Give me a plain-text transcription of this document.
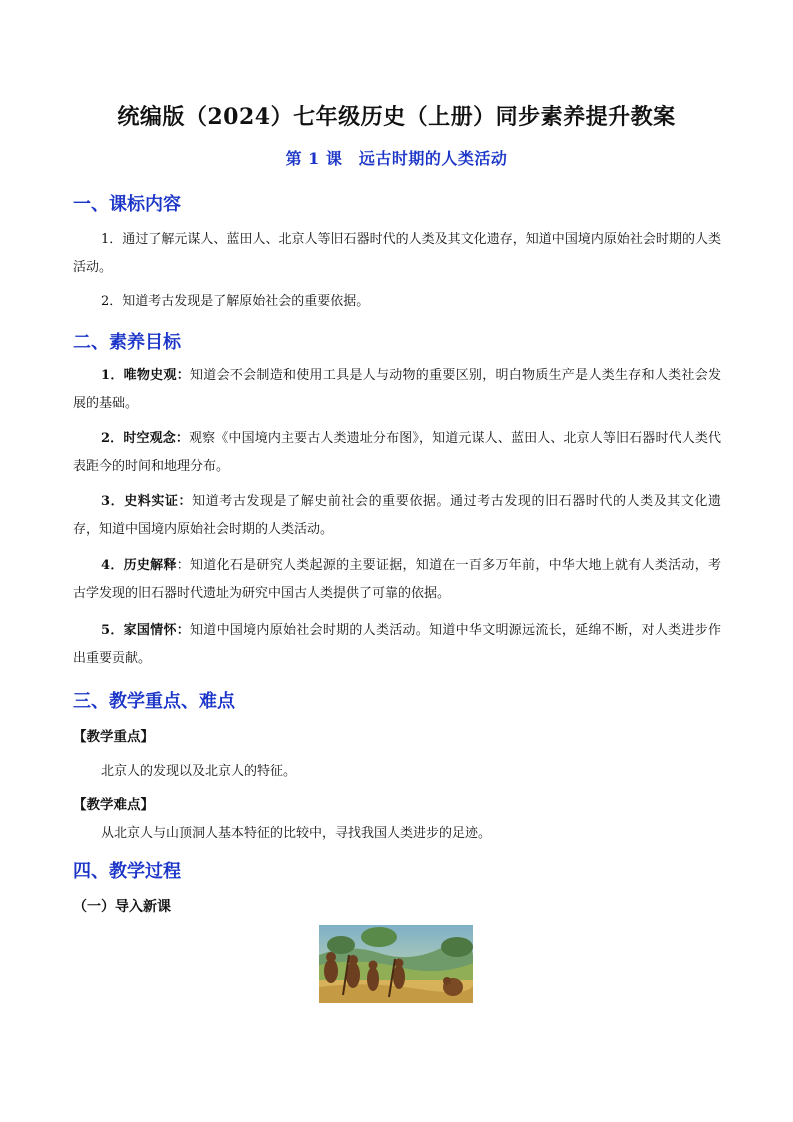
统编版（2024）七年级历史（上册）同步素养提升教案
第 1 课　远古时期的人类活动
一、课标内容
1．通过了解元谋人、蓝田人、北京人等旧石器时代的人类及其文化遗存，知道中国境内原始社会时期的人类活动。
2．知道考古发现是了解原始社会的重要依据。
二、素养目标
1．唯物史观：知道会不会制造和使用工具是人与动物的重要区别，明白物质生产是人类生存和人类社会发展的基础。
2．时空观念：观察《中国境内主要古人类遗址分布图》，知道元谋人、蓝田人、北京人等旧石器时代人类代表距今的时间和地理分布。
3．史料实证：知道考古发现是了解史前社会的重要依据。通过考古发现的旧石器时代的人类及其文化遗存，知道中国境内原始社会时期的人类活动。
4．历史解释：知道化石是研究人类起源的主要证据，知道在一百多万年前，中华大地上就有人类活动，考古学发现的旧石器时代遗址为研究中国古人类提供了可靠的依据。
5．家国情怀：知道中国境内原始社会时期的人类活动。知道中华文明源远流长，延绵不断，对人类进步作出重要贡献。
三、教学重点、难点
【教学重点】
北京人的发现以及北京人的特征。
【教学难点】
从北京人与山顶洞人基本特征的比较中，寻找我国人类进步的足迹。
四、教学过程
（一）导入新课
